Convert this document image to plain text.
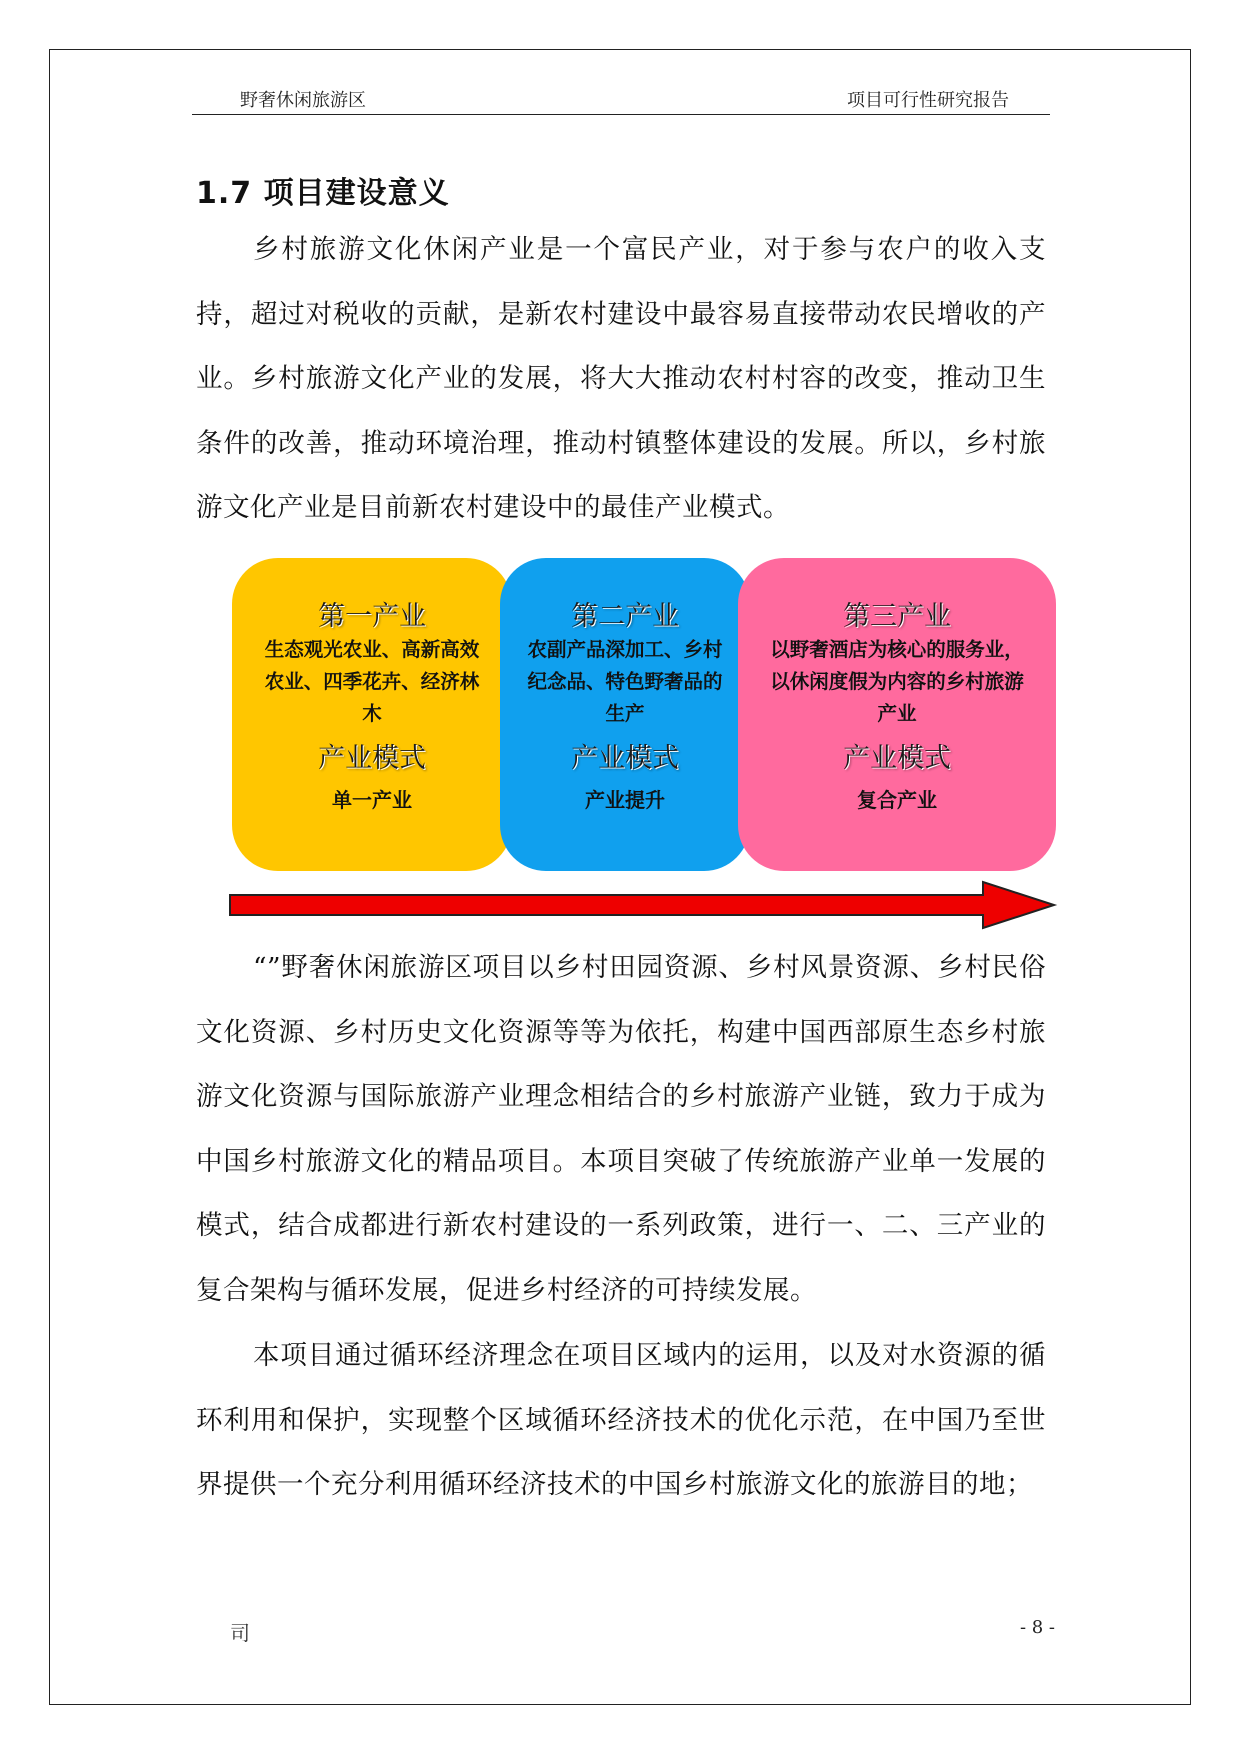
野奢休闲旅游区	项目可行性研究报告
1.7 项目建设意义

乡村旅游文化休闲产业是一个富民产业，对于参与农户的收入支持，超过对税收的贡献，是新农村建设中最容易直接带动农民增收的产业。乡村旅游文化产业的发展，将大大推动农村村容的改变，推动卫生条件的改善，推动环境治理，推动村镇整体建设的发展。所以，乡村旅游文化产业是目前新农村建设中的最佳产业模式。

第一产业
生态观光农业、高新高效农业、四季花卉、经济林木
产业模式
单一产业
第二产业
农副产品深加工、乡村纪念品、特色野奢品的生产
产业模式
产业提升
第三产业
以野奢酒店为核心的服务业，以休闲度假为内容的乡村旅游产业
产业模式
复合产业

“”野奢休闲旅游区项目以乡村田园资源、乡村风景资源、乡村民俗文化资源、乡村历史文化资源等等为依托，构建中国西部原生态乡村旅游文化资源与国际旅游产业理念相结合的乡村旅游产业链，致力于成为中国乡村旅游文化的精品项目。本项目突破了传统旅游产业单一发展的模式，结合成都进行新农村建设的一系列政策，进行一、二、三产业的复合架构与循环发展，促进乡村经济的可持续发展。

本项目通过循环经济理念在项目区域内的运用，以及对水资源的循环利用和保护，实现整个区域循环经济技术的优化示范，在中国乃至世界提供一个充分利用循环经济技术的中国乡村旅游文化的旅游目的地；

司	- 8 -
